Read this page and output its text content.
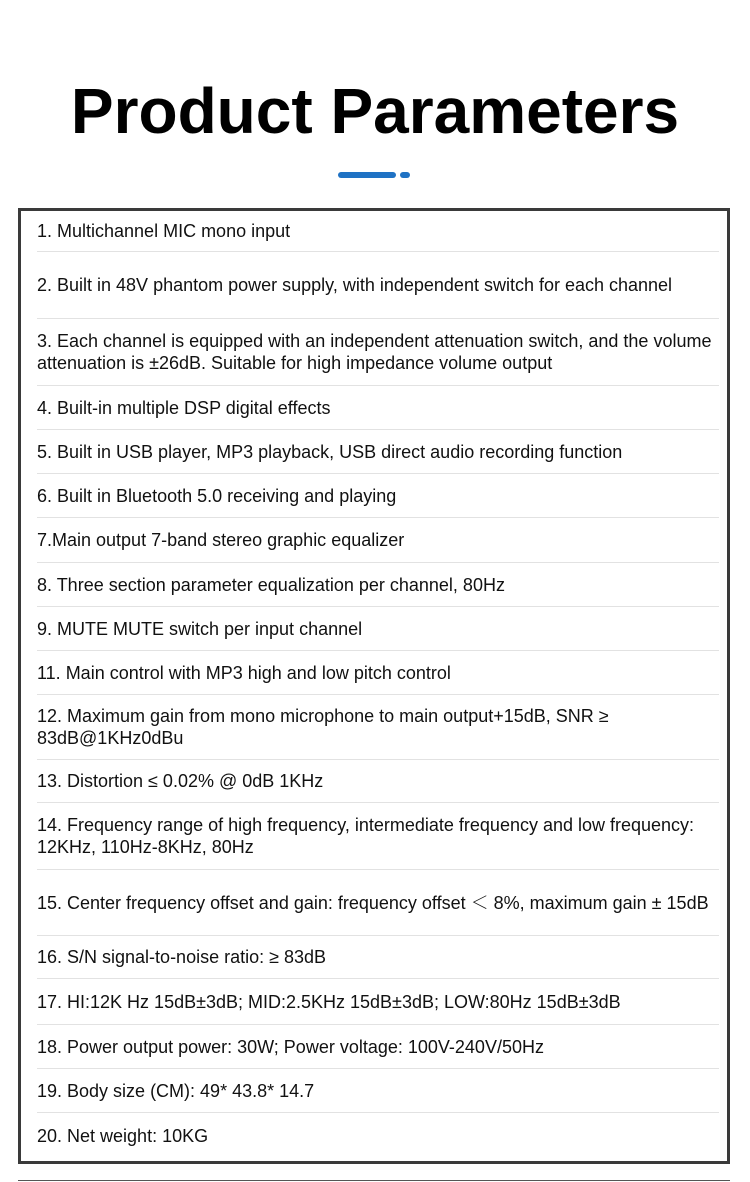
Product Parameters
1. Multichannel MIC mono input
2. Built in 48V phantom power supply, with independent switch for each channel
3. Each channel is equipped with an independent attenuation switch, and the volume attenuation is ±26dB. Suitable for high impedance volume output
4. Built-in multiple DSP digital effects
5. Built in USB player, MP3 playback, USB direct audio recording function
6. Built in Bluetooth 5.0 receiving and playing
7.Main output 7-band stereo graphic equalizer
8. Three section parameter equalization per channel, 80Hz
9. MUTE MUTE switch per input channel
11. Main control with MP3 high and low pitch control
12. Maximum gain from mono microphone to main output+15dB, SNR ≥ 83dB@1KHz0dBu
13. Distortion ≤ 0.02% @ 0dB 1KHz
14. Frequency range of high frequency, intermediate frequency and low frequency: 12KHz, 110Hz-8KHz, 80Hz
15. Center frequency offset and gain: frequency offset ＜ 8%, maximum gain ± 15dB
16. S/N signal-to-noise ratio: ≥ 83dB
17. HI:12K Hz 15dB±3dB; MID:2.5KHz 15dB±3dB; LOW:80Hz 15dB±3dB
18. Power output power: 30W; Power voltage: 100V-240V/50Hz
19. Body size (CM): 49* 43.8* 14.7
20. Net weight: 10KG
